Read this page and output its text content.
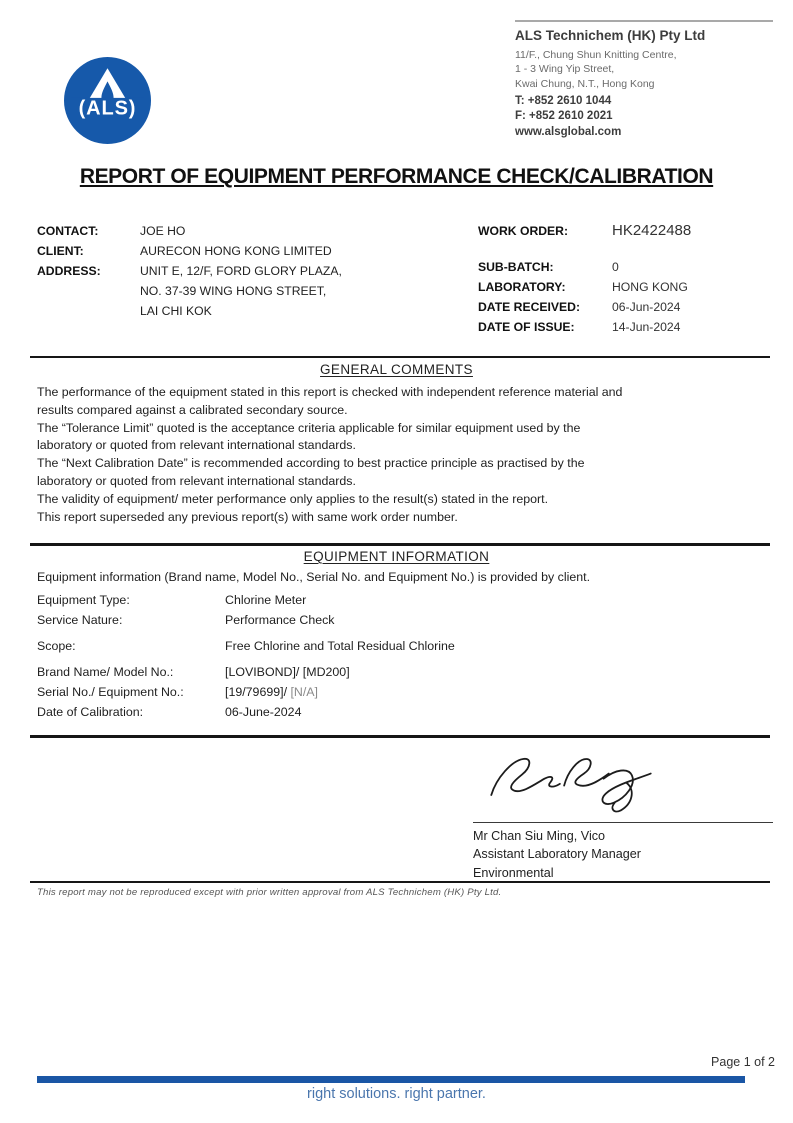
(ALS)
ALS Technichem (HK) Pty Ltd
11/F., Chung Shun Knitting Centre,
1 - 3 Wing Yip Street,
Kwai Chung, N.T., Hong Kong
T: +852 2610 1044
F: +852 2610 2021
www.alsglobal.com
REPORT OF EQUIPMENT PERFORMANCE CHECK/CALIBRATION
CONTACT:	JOE HO
CLIENT:	AURECON HONG KONG LIMITED
ADDRESS:	UNIT E, 12/F, FORD GLORY PLAZA,
NO. 37-39 WING HONG STREET,
LAI CHI KOK
WORK ORDER:	HK2422488
SUB-BATCH:	0
LABORATORY:	HONG KONG
DATE RECEIVED:	06-Jun-2024
DATE OF ISSUE:	14-Jun-2024
GENERAL COMMENTS
The performance of the equipment stated in this report is checked with independent reference material and
results compared against a calibrated secondary source.
The “Tolerance Limit” quoted is the acceptance criteria applicable for similar equipment used by the
laboratory or quoted from relevant international standards.
The “Next Calibration Date” is recommended according to best practice principle as practised by the
laboratory or quoted from relevant international standards.
The validity of equipment/ meter performance only applies to the result(s) stated in the report.
This report superseded any previous report(s) with same work order number.
EQUIPMENT INFORMATION
Equipment information (Brand name, Model No., Serial No. and Equipment No.) is provided by client.
Equipment Type:	Chlorine Meter
Service Nature:	Performance Check
Scope:	Free Chlorine and Total Residual Chlorine
Brand Name/ Model No.:	[LOVIBOND]/ [MD200]
Serial No./ Equipment No.:	[19/79699]/ [N/A]
Date of Calibration:	06-June-2024
Mr Chan Siu Ming, Vico
Assistant Laboratory Manager
Environmental
This report may not be reproduced except with prior written approval from ALS Technichem (HK) Pty Ltd.
Page 1 of 2
right solutions. right partner.
